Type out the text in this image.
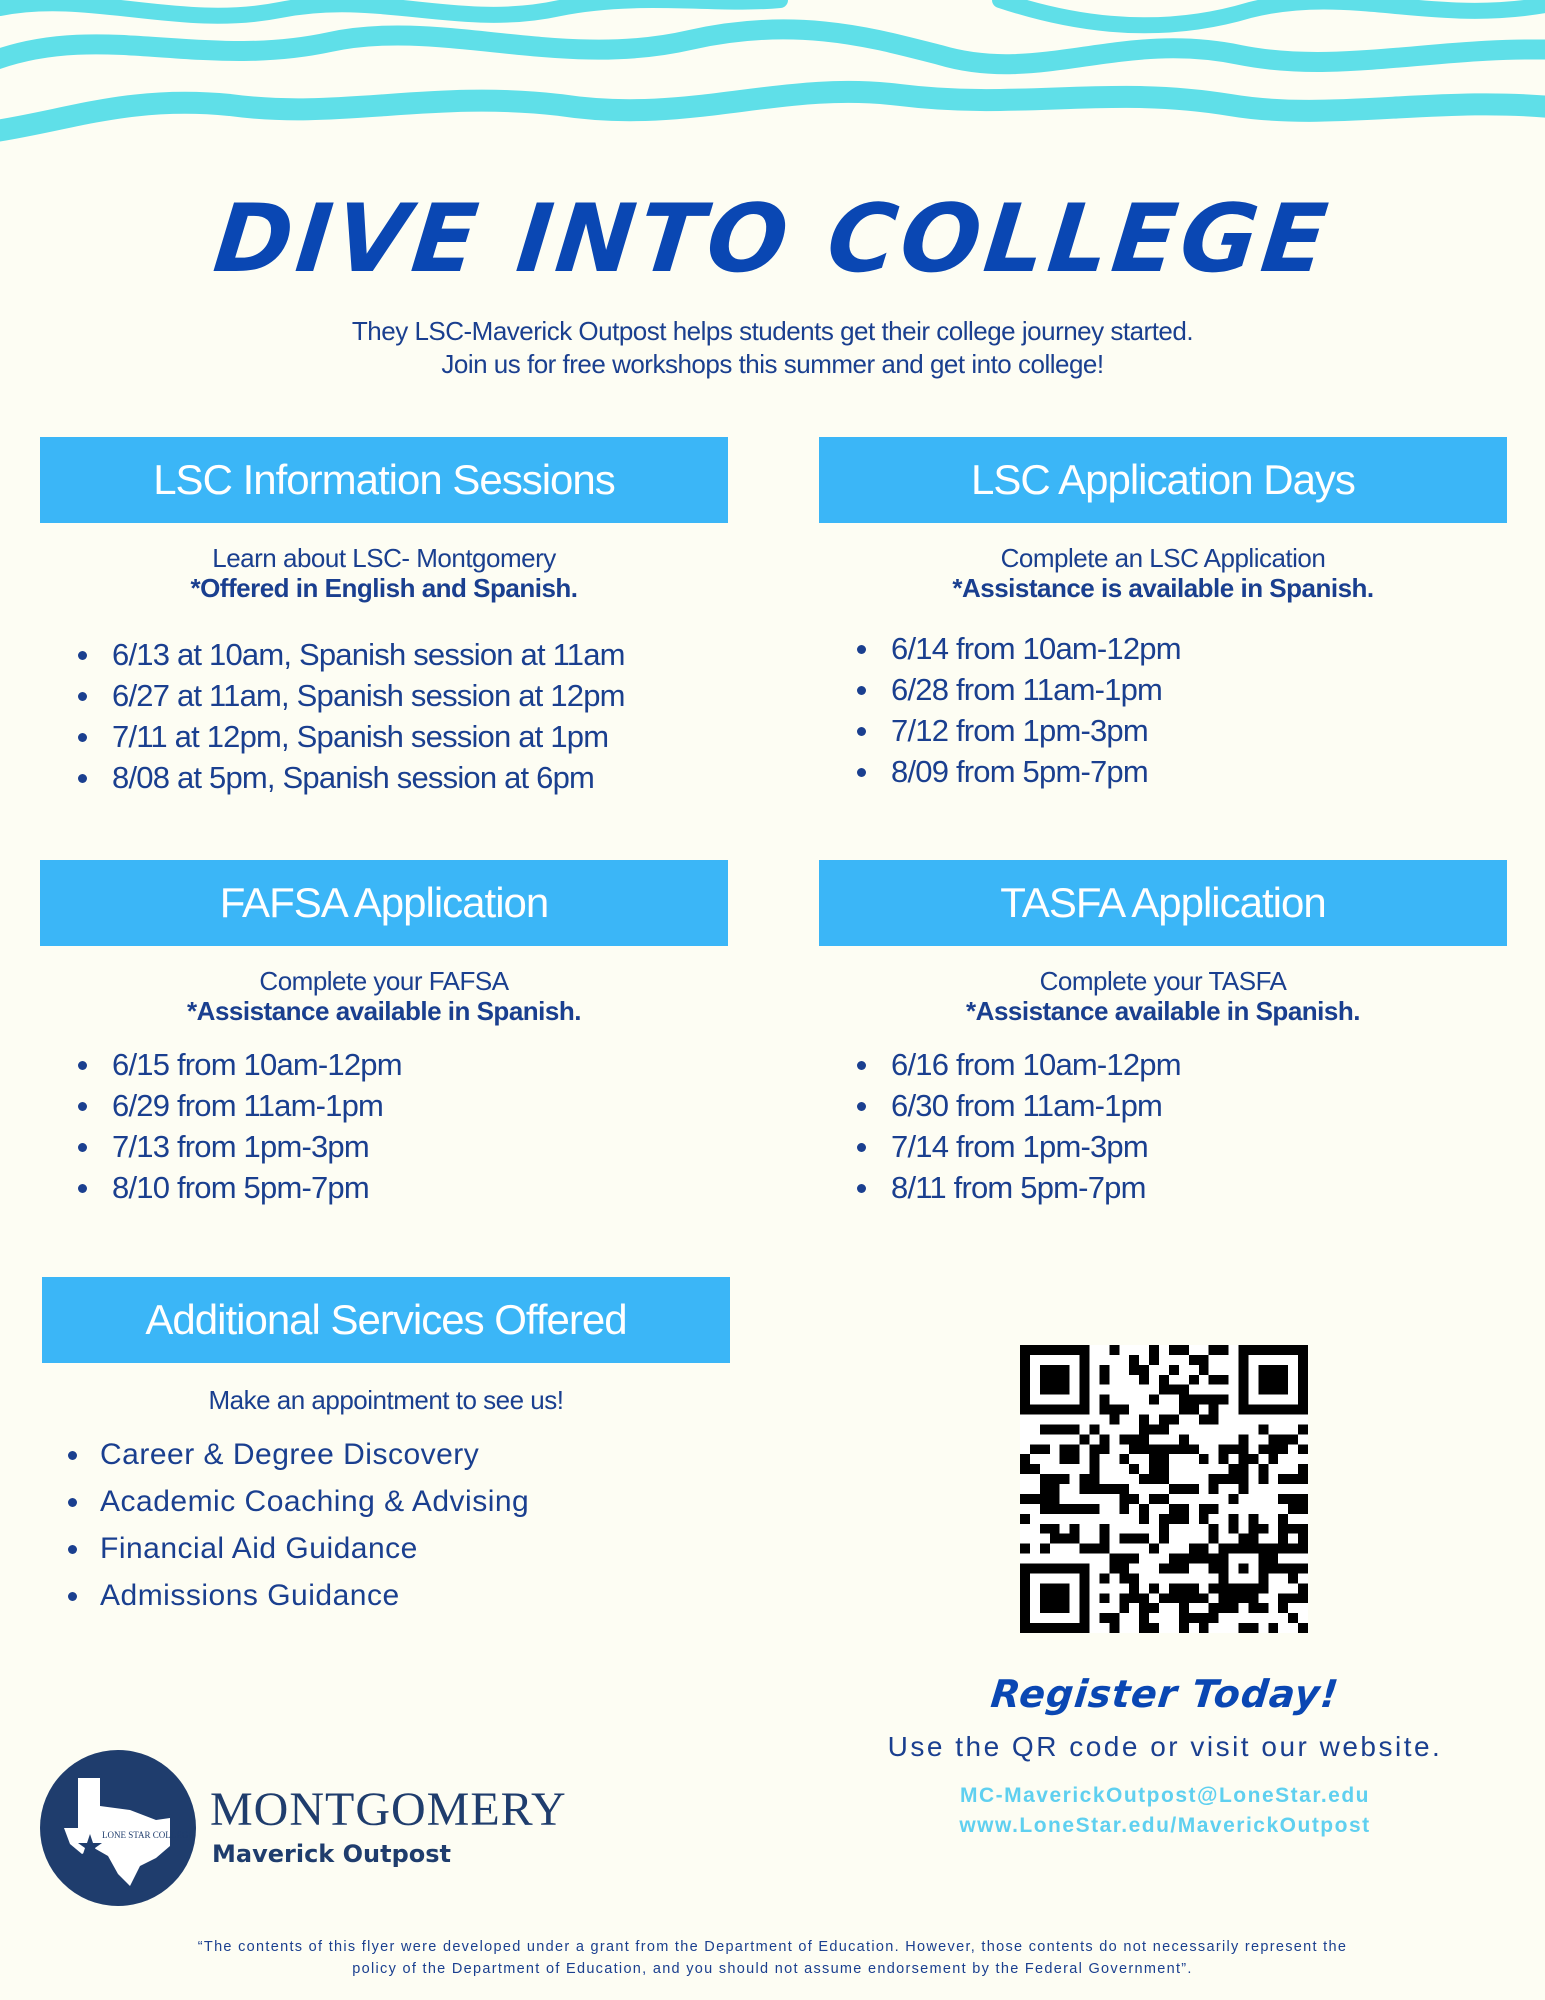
DIVE INTO COLLEGE
They LSC-Maverick Outpost helps students get their college journey started.
Join us for free workshops this summer and get into college!
LSC Information Sessions
Learn about LSC- Montgomery
*Offered in English and Spanish.
6/13 at 10am, Spanish session at 11am
6/27 at 11am, Spanish session at 12pm
7/11 at 12pm, Spanish session at 1pm
8/08 at 5pm, Spanish session at 6pm
LSC Application Days
Complete an LSC Application
*Assistance is available in Spanish.
6/14 from 10am-12pm
6/28 from 11am-1pm
7/12 from 1pm-3pm
8/09 from 5pm-7pm
FAFSA Application
Complete your FAFSA
*Assistance available in Spanish.
6/15 from 10am-12pm
6/29 from 11am-1pm
7/13 from 1pm-3pm
8/10 from 5pm-7pm
TASFA Application
Complete your TASFA
*Assistance available in Spanish.
6/16 from 10am-12pm
6/30 from 11am-1pm
7/14 from 1pm-3pm
8/11 from 5pm-7pm
Additional Services Offered
Make an appointment to see us!
Career & Degree Discovery
Academic Coaching & Advising
Financial Aid Guidance
Admissions Guidance
Register Today!
Use the QR code or visit our website.
MC-MaverickOutpost@LoneStar.edu
www.LoneStar.edu/MaverickOutpost
LONE STAR COLLEGE MONTGOMERY
Maverick Outpost
“The contents of this flyer were developed under a grant from the Department of Education. However, those contents do not necessarily represent the
policy of the Department of Education, and you should not assume endorsement by the Federal Government”.
